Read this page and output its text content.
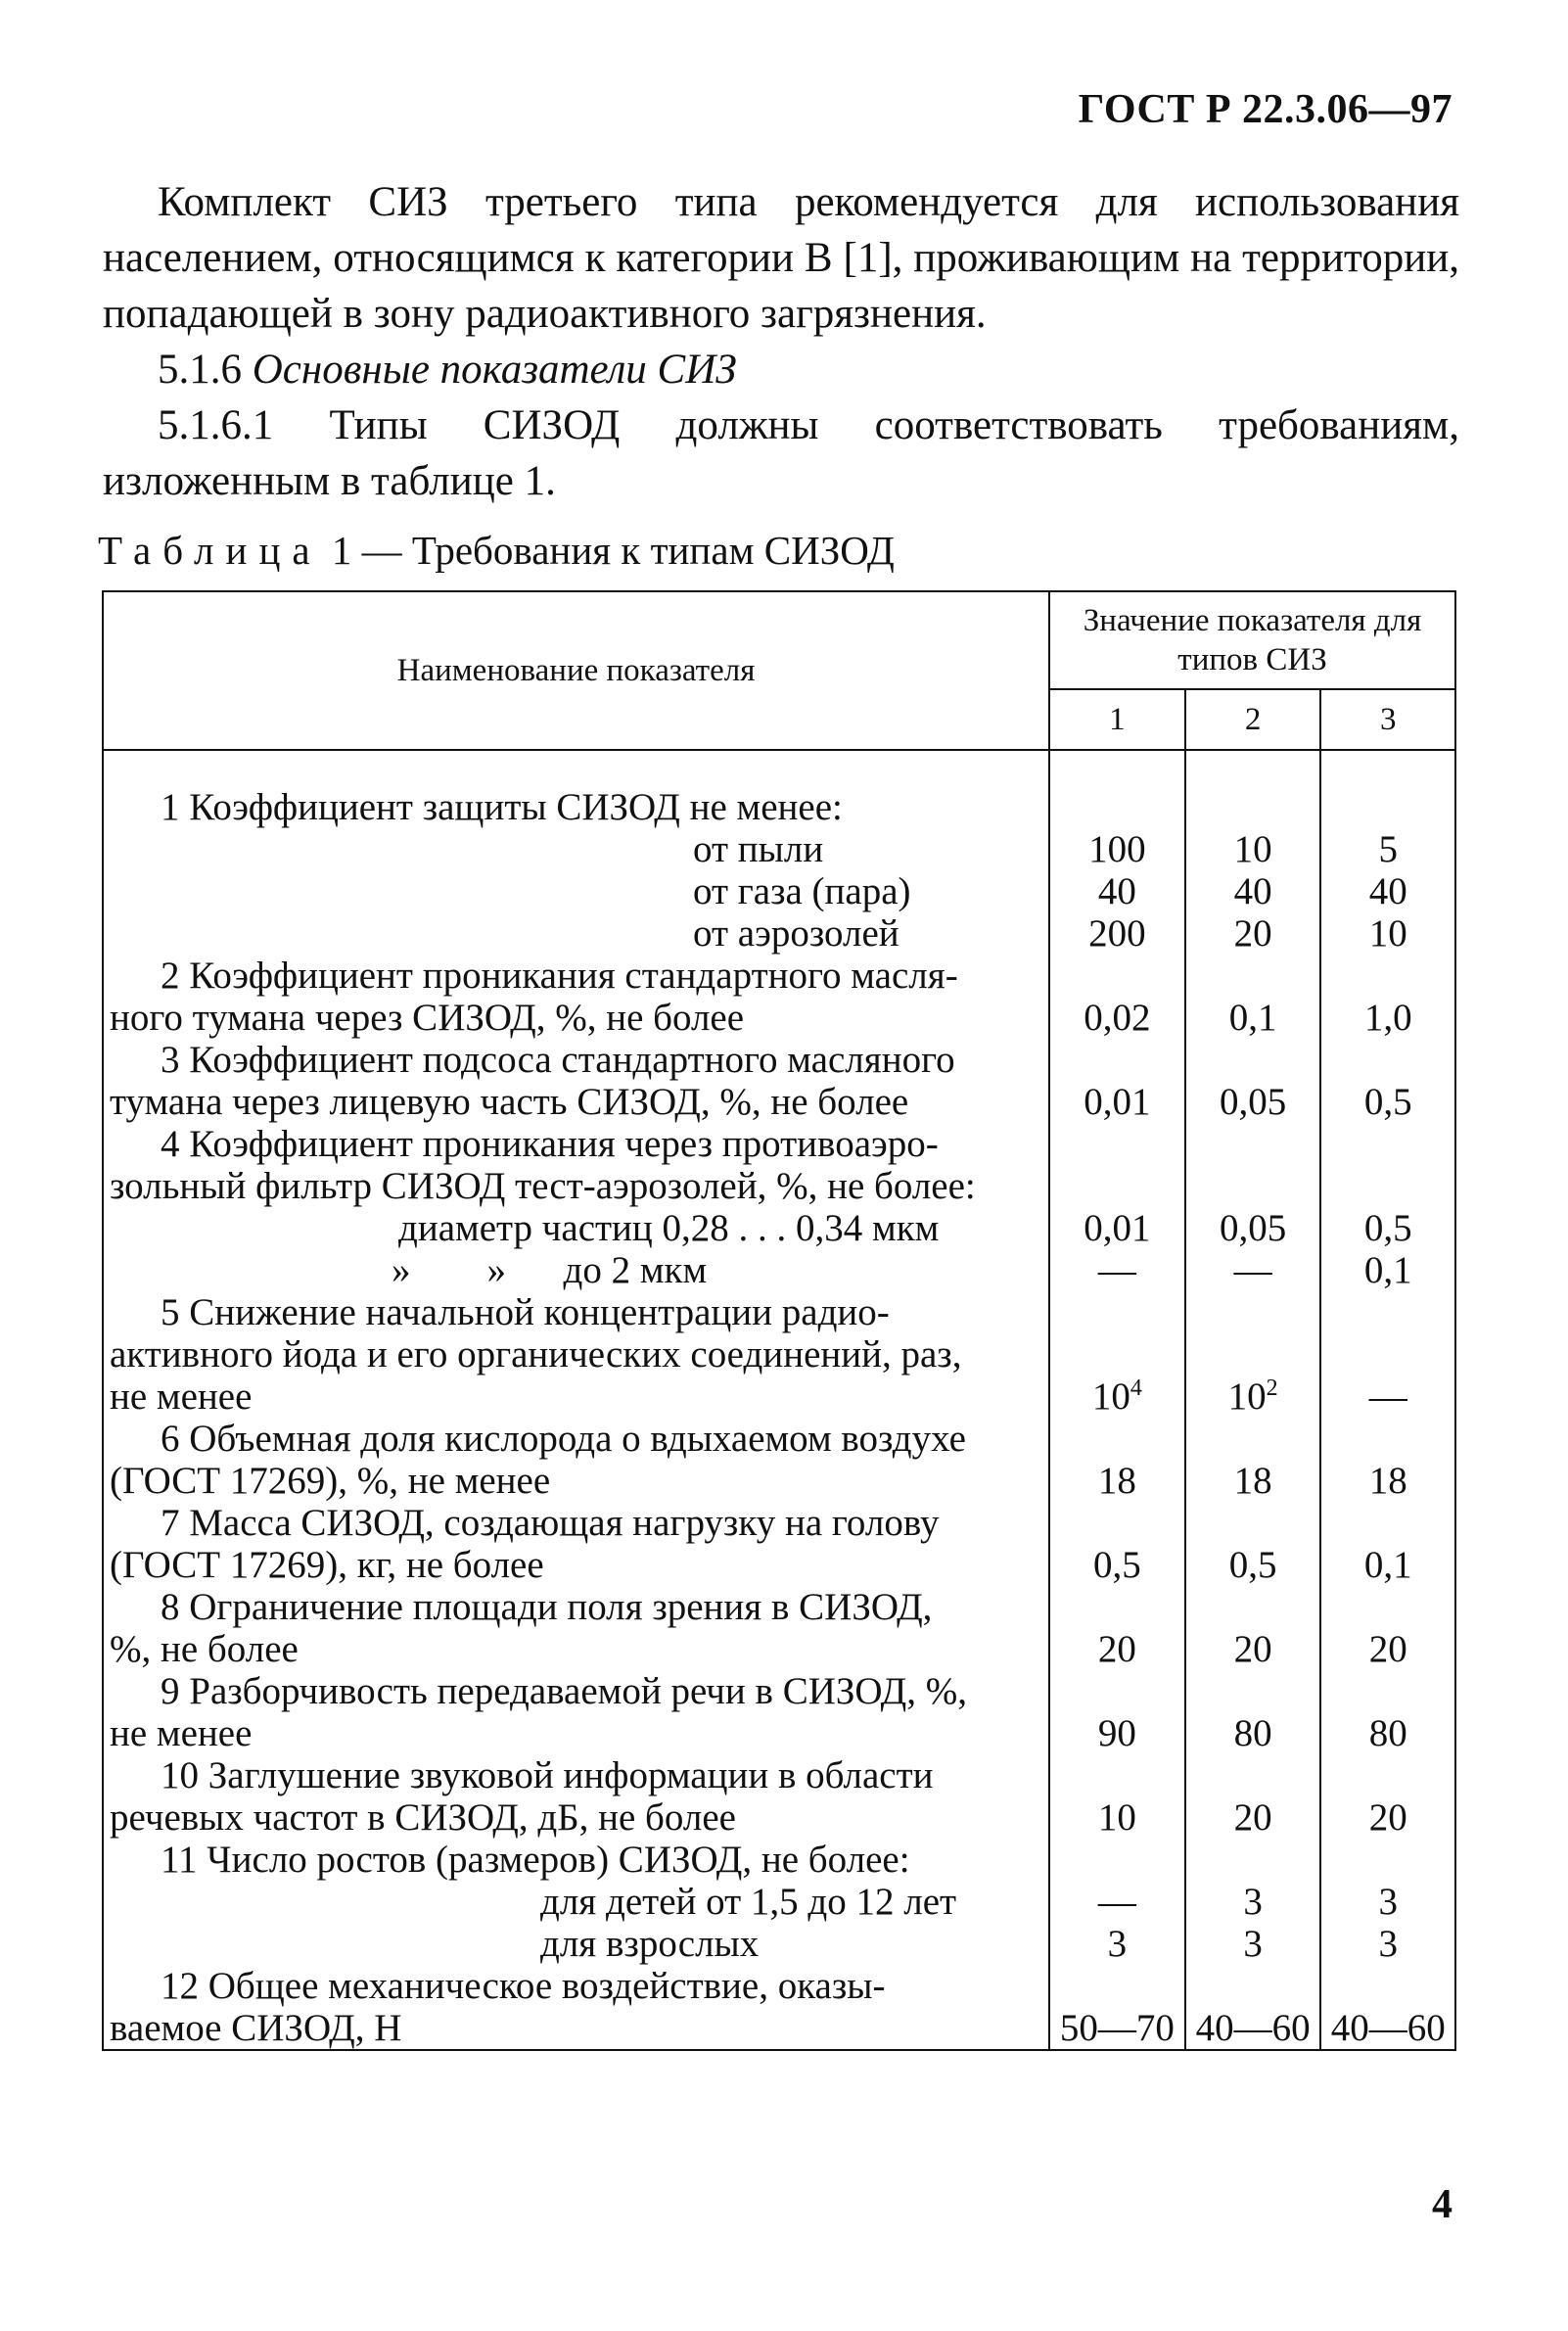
ГОСТ Р 22.3.06—97

Комплект СИЗ третьего типа рекомендуется для использования населением, относящимся к категории В [1], проживающим на территории, попадающей в зону радиоактивного загрязнения.

5.1.6 Основные показатели СИЗ

5.1.6.1 Типы СИЗОД должны соответствовать требованиям, изложенным в таблице 1.

Таблица 1 — Требования к типам СИЗОД
Наименование показателя	Значение показателя для типов СИЗ		
	1	2	3

1 Коэффициент защиты СИЗОД не менее:			

от пыли	100	10	5

от газа (пара)	40	40	40

от аэрозолей	200	20	10

2 Коэффициент проникания стандартного масля-
ного тумана через СИЗОД, %, не более	0,02	0,1	1,0

3 Коэффициент подсоса стандартного масляного
тумана через лицевую часть СИЗОД, %, не более	0,01	0,05	0,5

4 Коэффициент проникания через противоаэро-
зольный фильтр СИЗОД тест-аэрозолей, %, не более:			

диаметр частиц 0,28 . . . 0,34 мкм	0,01	0,05	0,5

»        »      до 2 мкм	—	—	0,1

5 Снижение начальной концентрации радио-
активного йода и его органических соединений, раз,
не менее	$10^4$	$10^2$	—

6 Объемная доля кислорода о вдыхаемом воздухе
(ГОСТ 17269), %, не менее	18	18	18

7 Масса СИЗОД, создающая нагрузку на голову
(ГОСТ 17269), кг, не более	0,5	0,5	0,1

8 Ограничение площади поля зрения в СИЗОД,
%, не более	20	20	20

9 Разборчивость передаваемой речи в СИЗОД, %,
не менее	90	80	80

10 Заглушение звуковой информации в области
речевых частот в СИЗОД, дБ, не более	10	20	20

11 Число ростов (размеров) СИЗОД, не более:			

для детей от 1,5 до 12 лет	—	3	3

для взрослых	3	3	3

12 Общее механическое воздействие, оказы-
ваемое СИЗОД, Н	50—70	40—60	40—60
4
